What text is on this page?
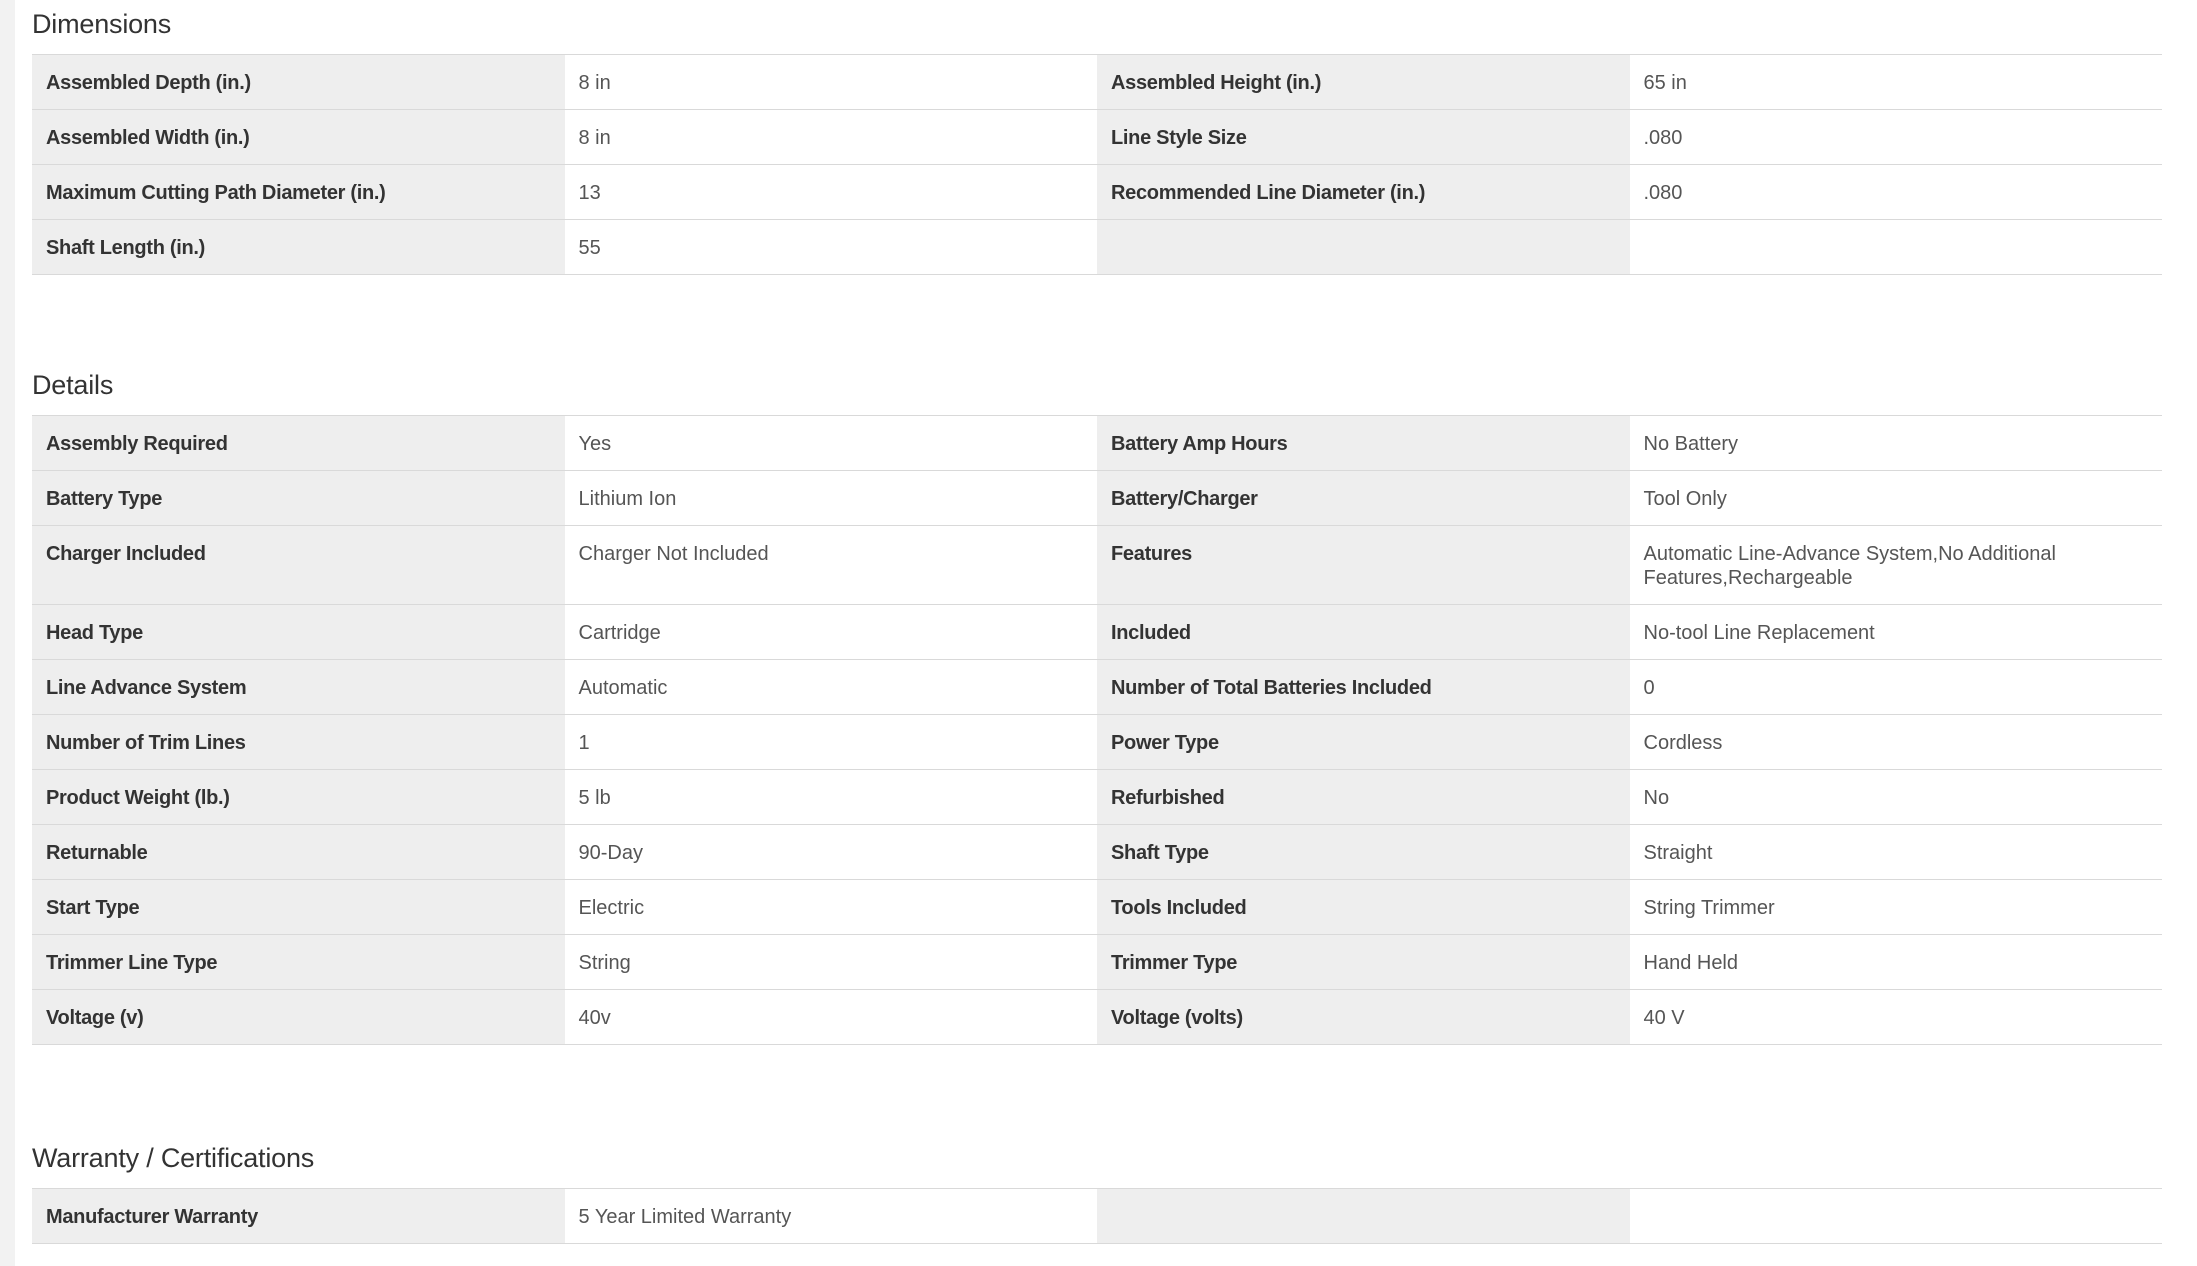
Dimensions
Assembled Depth (in.)	8 in	Assembled Height (in.)	65 in
Assembled Width (in.)	8 in	Line Style Size	.080
Maximum Cutting Path Diameter (in.)	13	Recommended Line Diameter (in.)	.080
Shaft Length (in.)	55
Details
Assembly Required	Yes	Battery Amp Hours	No Battery
Battery Type	Lithium Ion	Battery/Charger	Tool Only
Charger Included	Charger Not Included	Features	Automatic Line-Advance System,No Additional Features,Rechargeable
Head Type	Cartridge	Included	No-tool Line Replacement
Line Advance System	Automatic	Number of Total Batteries Included	0
Number of Trim Lines	1	Power Type	Cordless
Product Weight (lb.)	5 lb	Refurbished	No
Returnable	90-Day	Shaft Type	Straight
Start Type	Electric	Tools Included	String Trimmer
Trimmer Line Type	String	Trimmer Type	Hand Held
Voltage (v)	40v	Voltage (volts)	40 V
Warranty / Certifications
Manufacturer Warranty	5 Year Limited Warranty
